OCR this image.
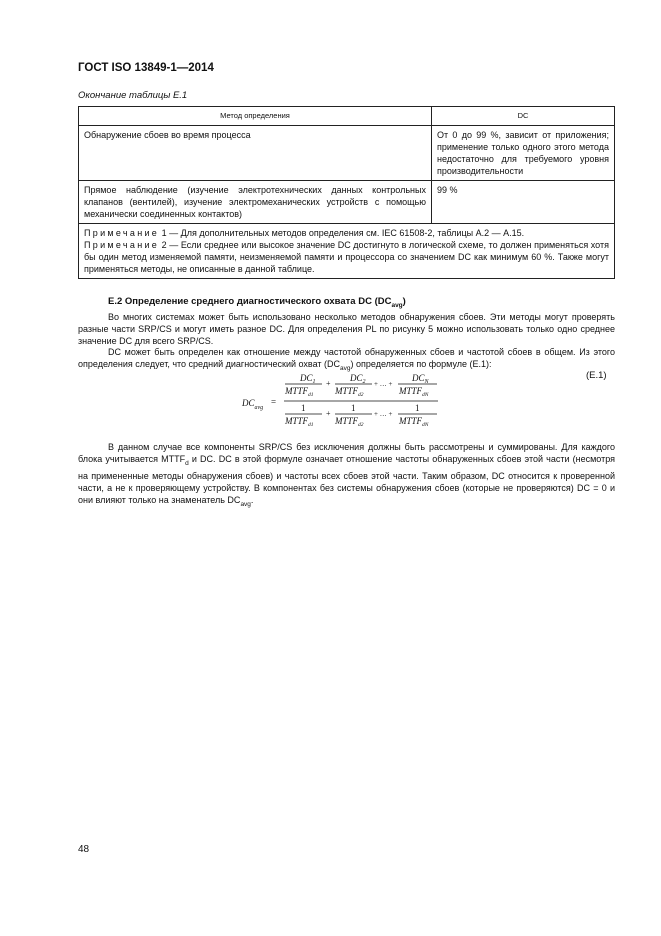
ГОСТ ISO 13849-1—2014
Окончание таблицы Е.1
Метод определения	DC
Обнаружение сбоев во время процесса	От 0 до 99 %, зависит от приложения; применение только одного этого метода недостаточно для требуемого уровня производительности
Прямое наблюдение (изучение электротехнических данных контрольных клапанов (вентилей), изучение электромеханических устройств с помощью механически соединенных контактов)	99 %

Примечание 1 — Для дополнительных методов определения см. IEC 61508-2, таблицы А.2 — А.15.

Примечание 2 — Если среднее или высокое значение DC достигнуто в логической схеме, то должен применяться хотя бы один метод изменяемой памяти, неизменяемой памяти и процессора со значением DC как минимум 60 %. Также могут применяться методы, не описанные в данной таблице.	

Е.2 Определение среднего диагностического охвата DC $(DC_{avg})$

Во многих системах может быть использовано несколько методов обнаружения сбоев. Эти методы могут проверять разные части SRP/CS и могут иметь разное DC. Для определения PL по рисунку 5 можно использовать только одно среднее значение DC для всего SRP/CS.

DC может быть определен как отношение между частотой обнаруженных сбоев и частотой сбоев в общем. Из этого определения следует, что средний диагностический охват $(DC_{avg})$ определяется по формуле (Е.1):

$DC_{avg}$
=
$DC_1$
$MTTF_{d1}$
+
$DC_2$
$MTTF_{d2}$
+ … +
$DC_N$
$MTTF_{dN}$
1
$MTTF_{d1}$
+
1
$MTTF_{d2}$
+ … +
1
$MTTF_{dN}$
(Е.1)

В данном случае все компоненты SRP/CS без исключения должны быть рассмотрены и суммированы. Для каждого блока учитывается $MTTF_d$ и DC. DC в этой формуле означает отношение частоты обнаруженных сбоев этой части (несмотря на примененные методы обнаружения сбоев) и частоты всех сбоев этой части. Таким образом, DC относится к проверенной части, а не к проверяющему устройству. В компонентах без системы обнаружения сбоев (которые не проверяются) DC = 0 и они влияют только на знаменатель $DC_{avg}$.

48
